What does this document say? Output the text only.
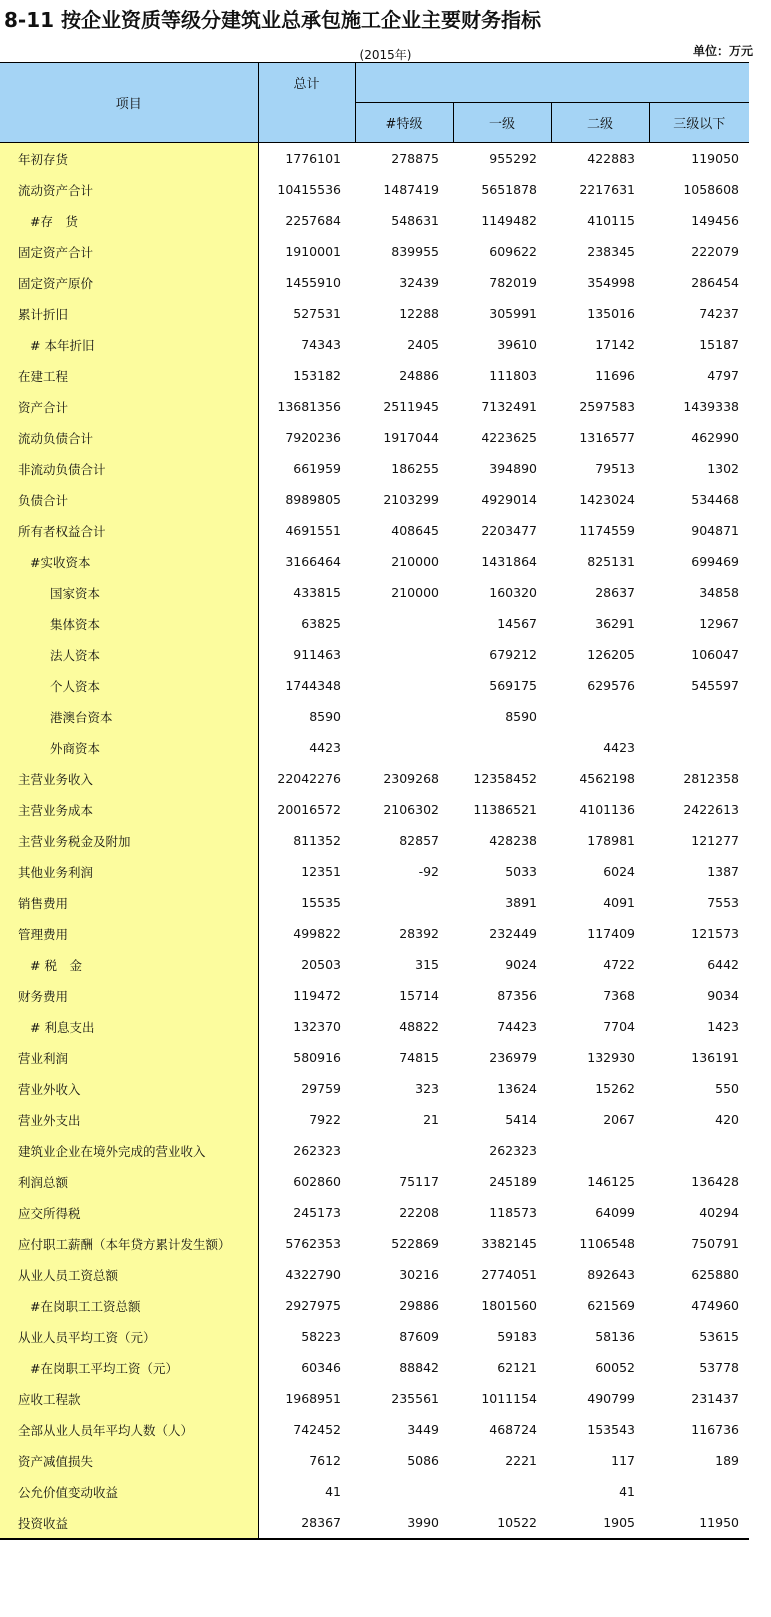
8-11 按企业资质等级分建筑业总承包施工企业主要财务指标
(2015年)	单位：万元
项目	总计				
		#特级	一级	二级	三级以下
年初存货	1776101	278875	955292	422883	119050
流动资产合计	10415536	1487419	5651878	2217631	1058608
#存　货	2257684	548631	1149482	410115	149456
固定资产合计	1910001	839955	609622	238345	222079
固定资产原价	1455910	32439	782019	354998	286454
累计折旧	527531	12288	305991	135016	74237
# 本年折旧	74343	2405	39610	17142	15187
在建工程	153182	24886	111803	11696	4797
资产合计	13681356	2511945	7132491	2597583	1439338
流动负债合计	7920236	1917044	4223625	1316577	462990
非流动负债合计	661959	186255	394890	79513	1302
负债合计	8989805	2103299	4929014	1423024	534468
所有者权益合计	4691551	408645	2203477	1174559	904871
#实收资本	3166464	210000	1431864	825131	699469
国家资本	433815	210000	160320	28637	34858
集体资本	63825		14567	36291	12967
法人资本	911463		679212	126205	106047
个人资本	1744348		569175	629576	545597
港澳台资本	8590		8590		
外商资本	4423			4423	
主营业务收入	22042276	2309268	12358452	4562198	2812358
主营业务成本	20016572	2106302	11386521	4101136	2422613
主营业务税金及附加	811352	82857	428238	178981	121277
其他业务利润	12351	-92	5033	6024	1387
销售费用	15535		3891	4091	7553
管理费用	499822	28392	232449	117409	121573
# 税　金	20503	315	9024	4722	6442
财务费用	119472	15714	87356	7368	9034
# 利息支出	132370	48822	74423	7704	1423
营业利润	580916	74815	236979	132930	136191
营业外收入	29759	323	13624	15262	550
营业外支出	7922	21	5414	2067	420
建筑业企业在境外完成的营业收入	262323		262323		
利润总额	602860	75117	245189	146125	136428
应交所得税	245173	22208	118573	64099	40294
应付职工薪酬（本年贷方累计发生额）	5762353	522869	3382145	1106548	750791
从业人员工资总额	4322790	30216	2774051	892643	625880
#在岗职工工资总额	2927975	29886	1801560	621569	474960
从业人员平均工资（元）	58223	87609	59183	58136	53615
#在岗职工平均工资（元）	60346	88842	62121	60052	53778
应收工程款	1968951	235561	1011154	490799	231437
全部从业人员年平均人数（人）	742452	3449	468724	153543	116736
资产减值损失	7612	5086	2221	117	189
公允价值变动收益	41			41	
投资收益	28367	3990	10522	1905	11950
